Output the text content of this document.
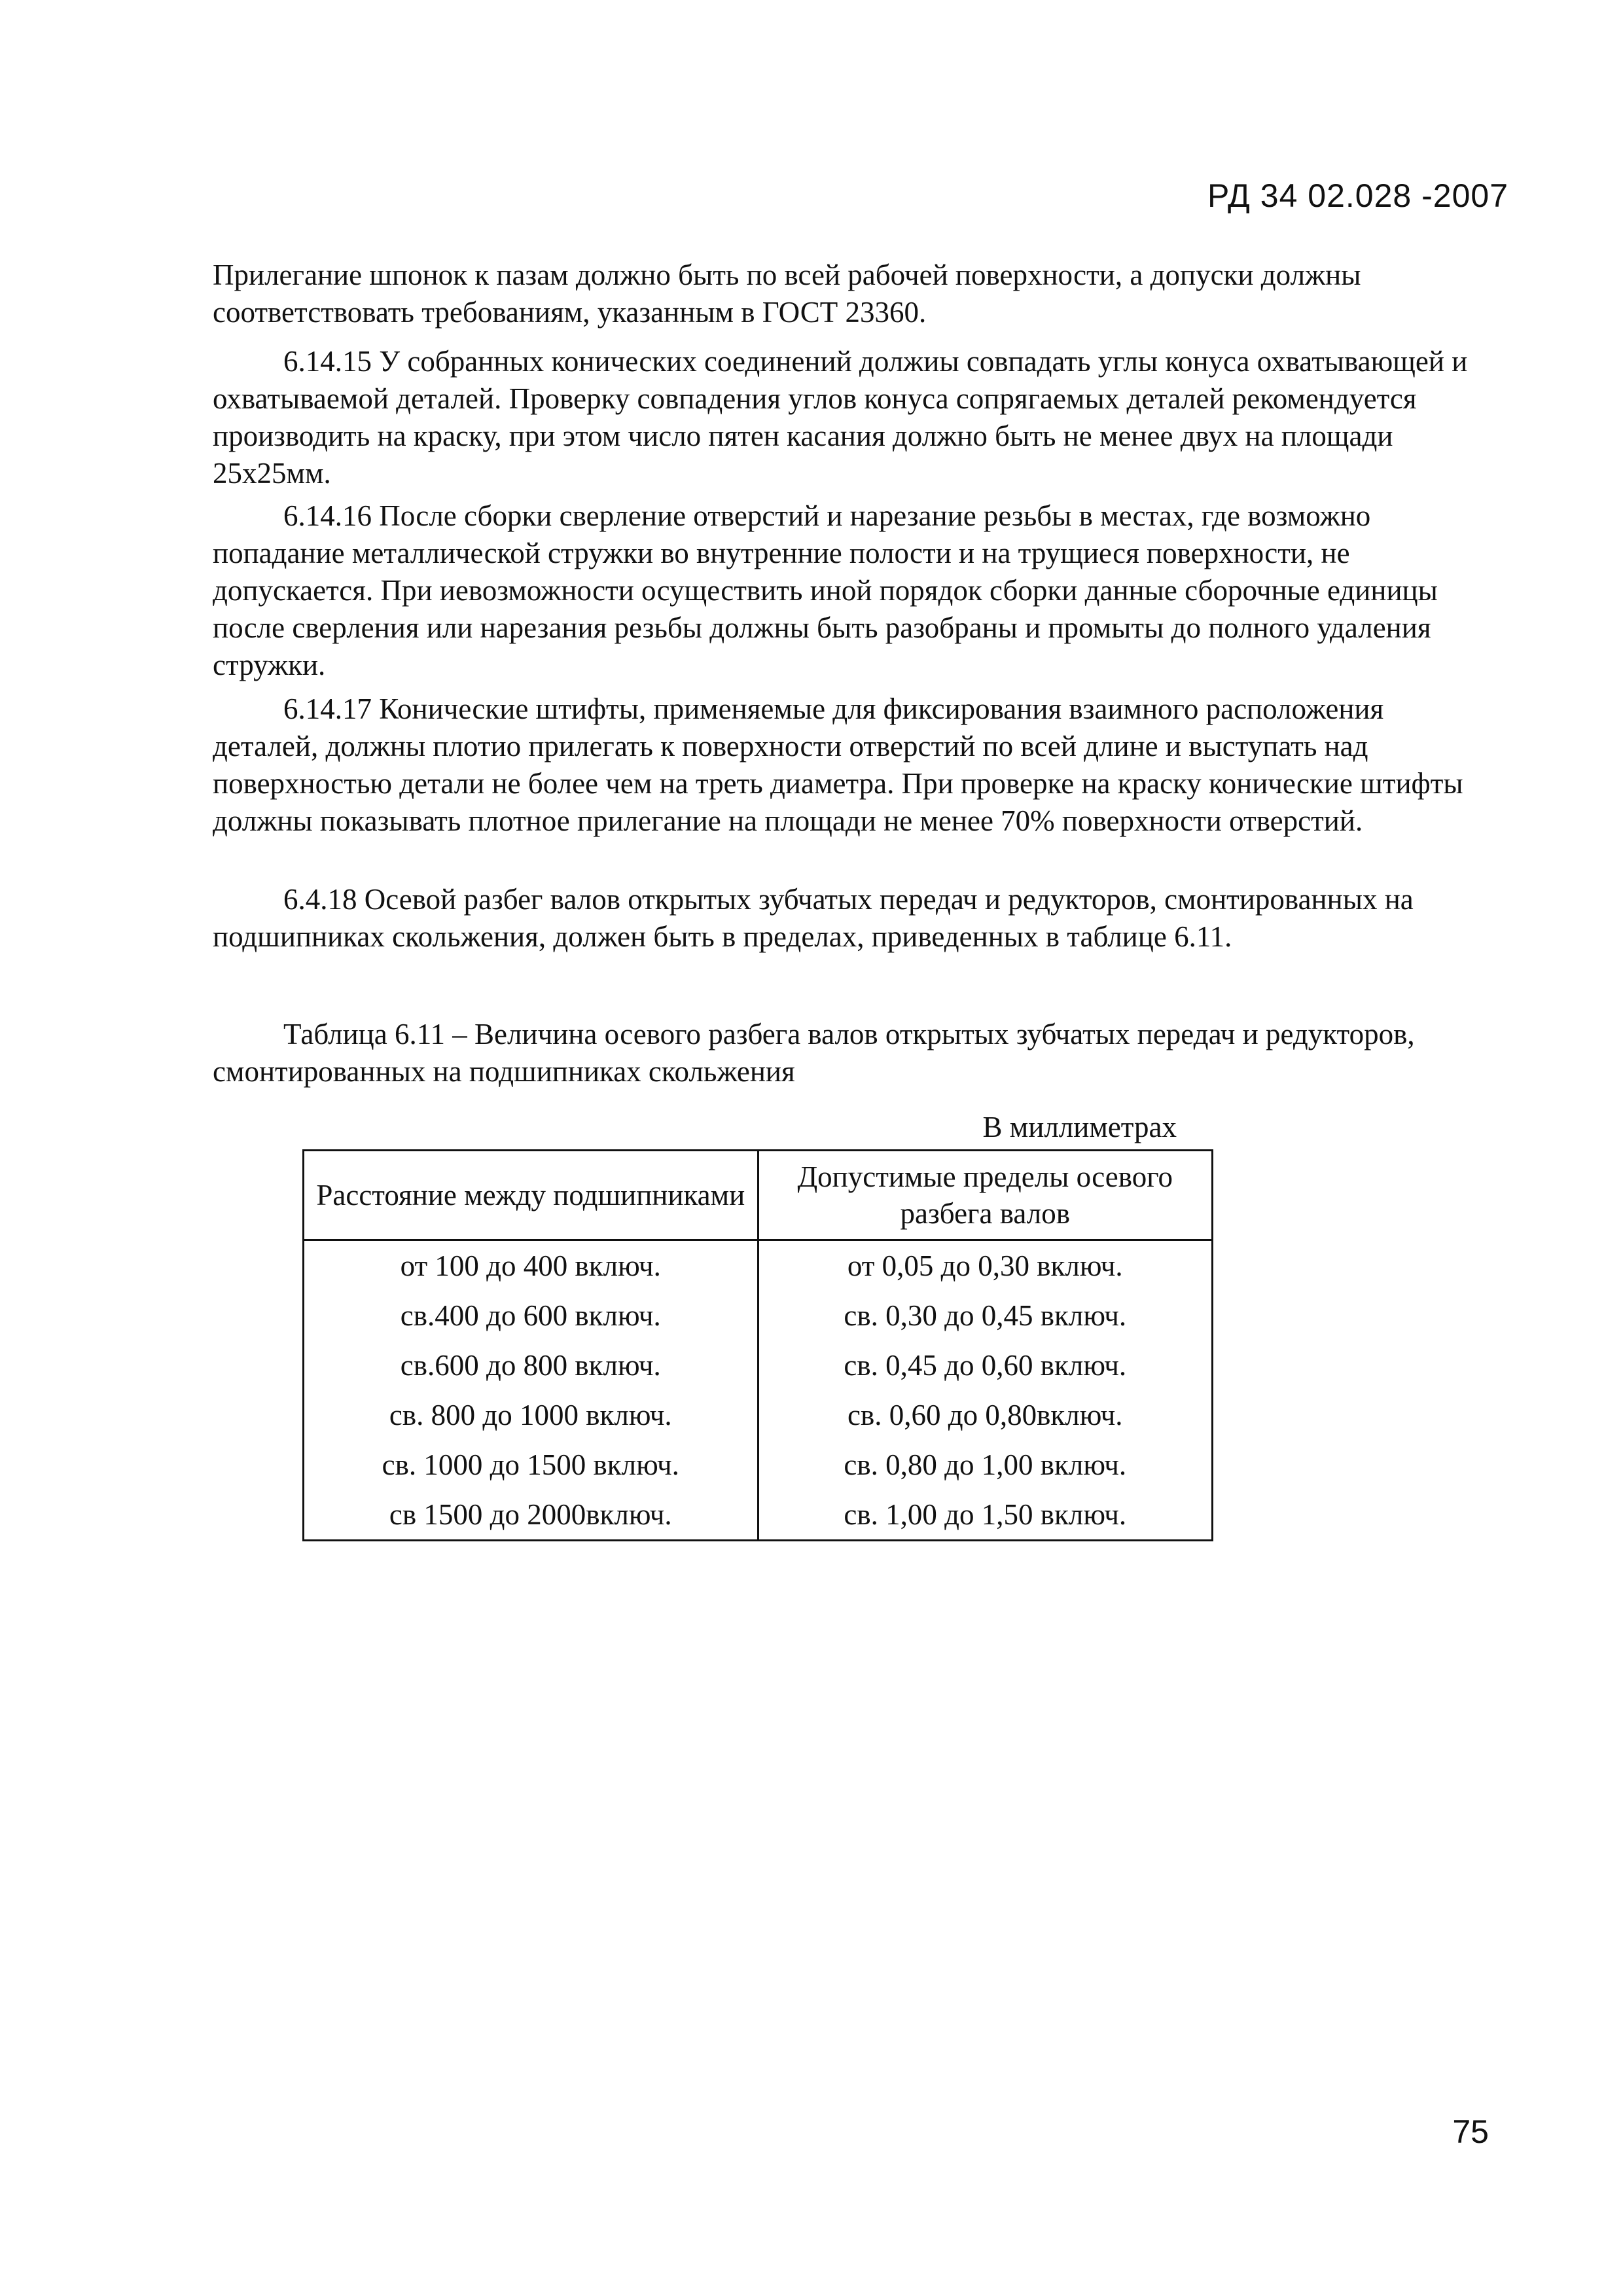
РД 34 02.028 -2007

Прилегание шпонок к пазам должно быть по всей рабочей поверхности, а допуски должны соответствовать требованиям, указанным в ГОСТ 23360.

6.14.15 У собранных конических соединений должиы совпадать углы конуса охватывающей и охватываемой деталей. Проверку совпадения углов конуса сопрягаемых деталей рекомендуется производить на краску, при этом число пятен касания должно быть не менее двух на площади 25х25мм.

6.14.16 После сборки сверление отверстий и нарезание резьбы в местах, где возможно попадание металлической стружки во внутренние полости и на трущиеся поверхности, не допускается. При иевозможности осуществить иной порядок сборки данные сборочные единицы после сверления или нарезания резьбы должны быть разобраны и промыты до полного удаления стружки.

6.14.17 Конические штифты, применяемые для фиксирования взаимного расположения деталей, должны плотио прилегать к поверхности отверстий по всей длине и выступать над поверхностью детали не более чем на треть диаметра. При проверке на краску конические штифты должны показывать плотное прилегание на площади не менее 70% поверхности отверстий.

6.4.18 Осевой разбег валов открытых зубчатых передач и редукторов, смонтированных на подшипниках скольжения, должен быть в пределах, приведенных в таблице 6.11.

Таблица 6.11 – Величина осевого разбега валов открытых зубчатых передач и редукторов, смонтированных на подшипниках скольжения

В миллиметрах
Расстояние между подшипниками	Допустимые пределы осевого разбега валов
от 100 до 400 включ.	от 0,05 до 0,30 включ.
св.400 до 600 включ.	св. 0,30 до 0,45 включ.
св.600 до 800 включ.	св. 0,45 до 0,60 включ.
св. 800 до 1000 включ.	св. 0,60 до 0,80включ.
св. 1000 до 1500 включ.	св. 0,80 до 1,00 включ.
св 1500 до 2000включ.	св. 1,00 до 1,50 включ.
75
